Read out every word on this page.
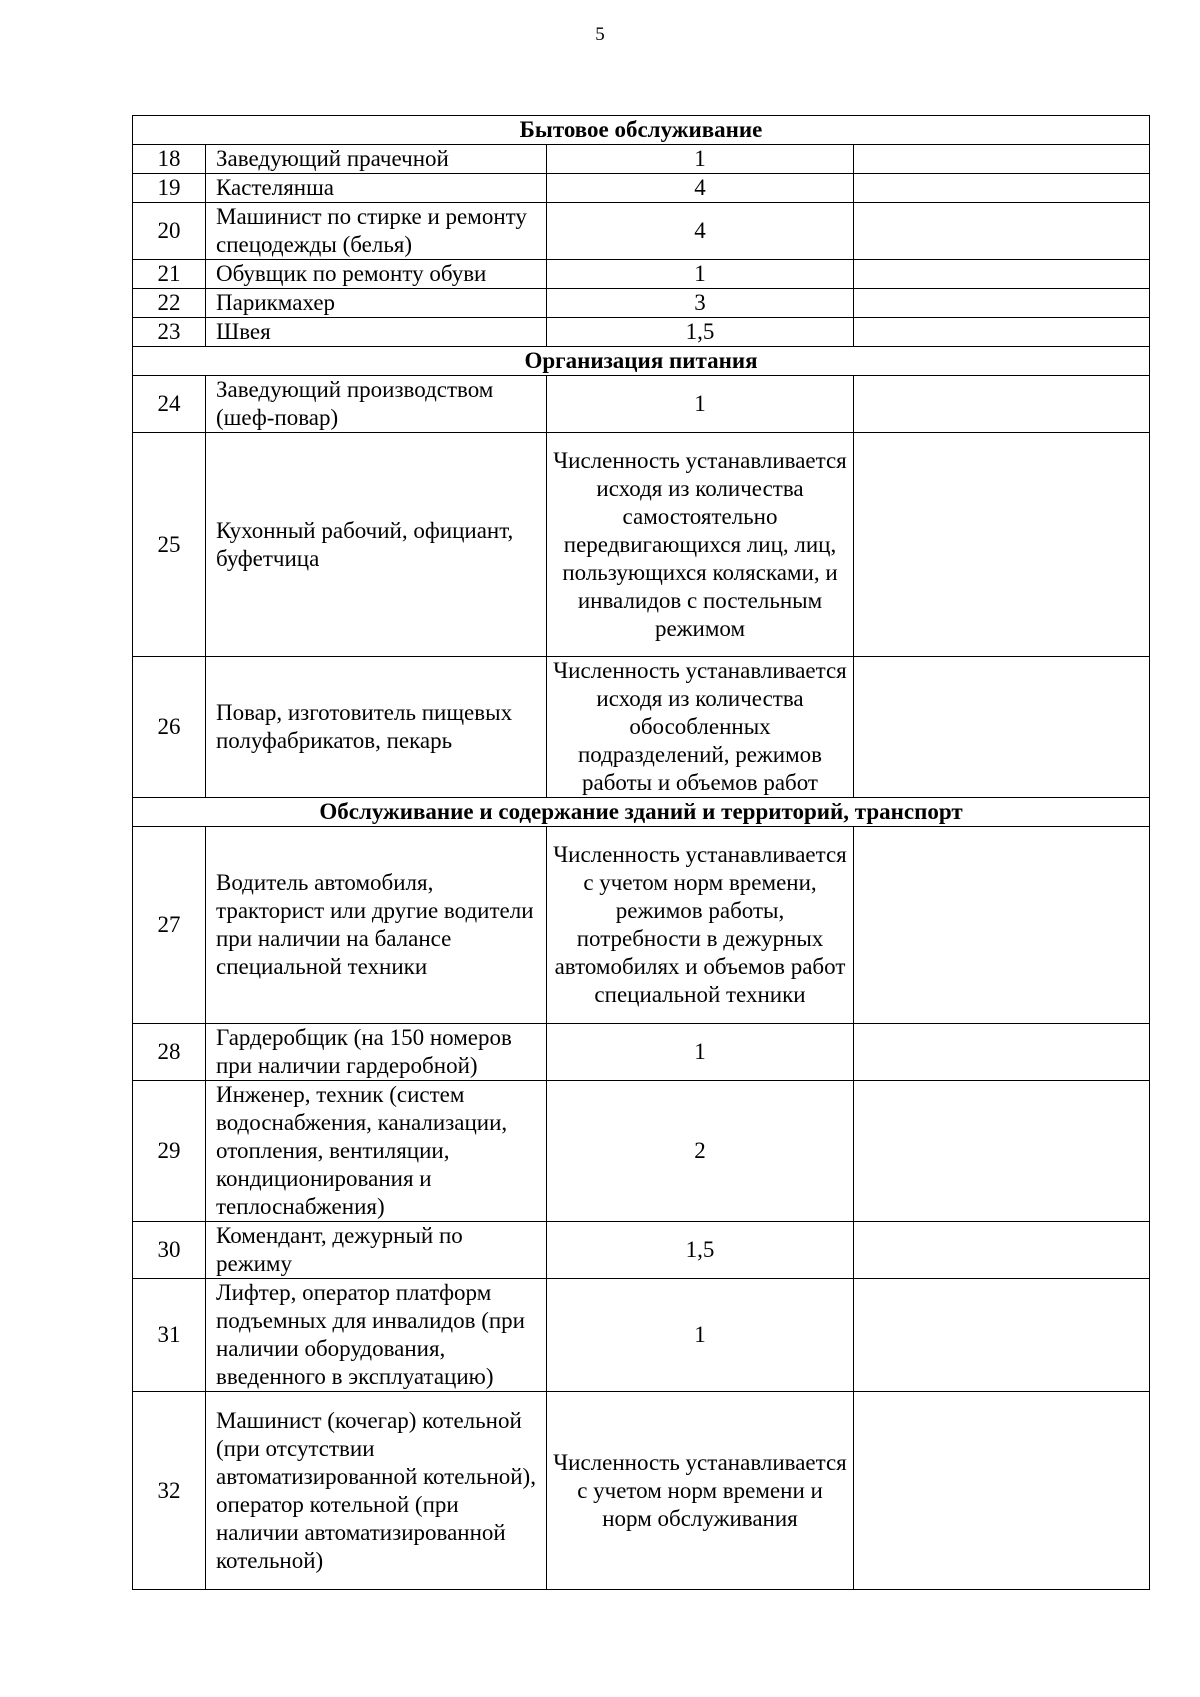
5
Бытовое обслуживание			
18	Заведующий прачечной	1	
19	Кастелянша	4	
20	Машинист по стирке и ремонту спецодежды (белья)	4	
21	Обувщик по ремонту обуви	1	
22	Парикмахер	3	
23	Швея	1,5	
Организация питания			
24	Заведующий производством (шеф-повар)	1	
25	Кухонный рабочий, официант, буфетчица	Численность устанавливается исходя из количества самостоятельно передвигающихся лиц, лиц, пользующихся колясками, и инвалидов с постельным режимом	
26	Повар, изготовитель пищевых полуфабрикатов, пекарь	Численность устанавливается исходя из количества обособленных подразделений, режимов работы и объемов работ	
Обслуживание и содержание зданий и территорий, транспорт			
27	Водитель автомобиля, тракторист или другие водители при наличии на балансе специальной техники	Численность устанавливается с учетом норм времени, режимов работы, потребности в дежурных автомобилях и объемов работ специальной техники	
28	Гардеробщик (на 150 номеров при наличии гардеробной)	1	
29	Инженер, техник (систем водоснабжения, канализации, отопления, вентиляции, кондиционирования и теплоснабжения)	2	
30	Комендант, дежурный по режиму	1,5	
31	Лифтер, оператор платформ подъемных для инвалидов (при наличии оборудования, введенного в эксплуатацию)	1	
32	Машинист (кочегар) котельной (при отсутствии автоматизированной котельной), оператор котельной (при наличии автоматизированной котельной)	Численность устанавливается с учетом норм времени и норм обслуживания	
